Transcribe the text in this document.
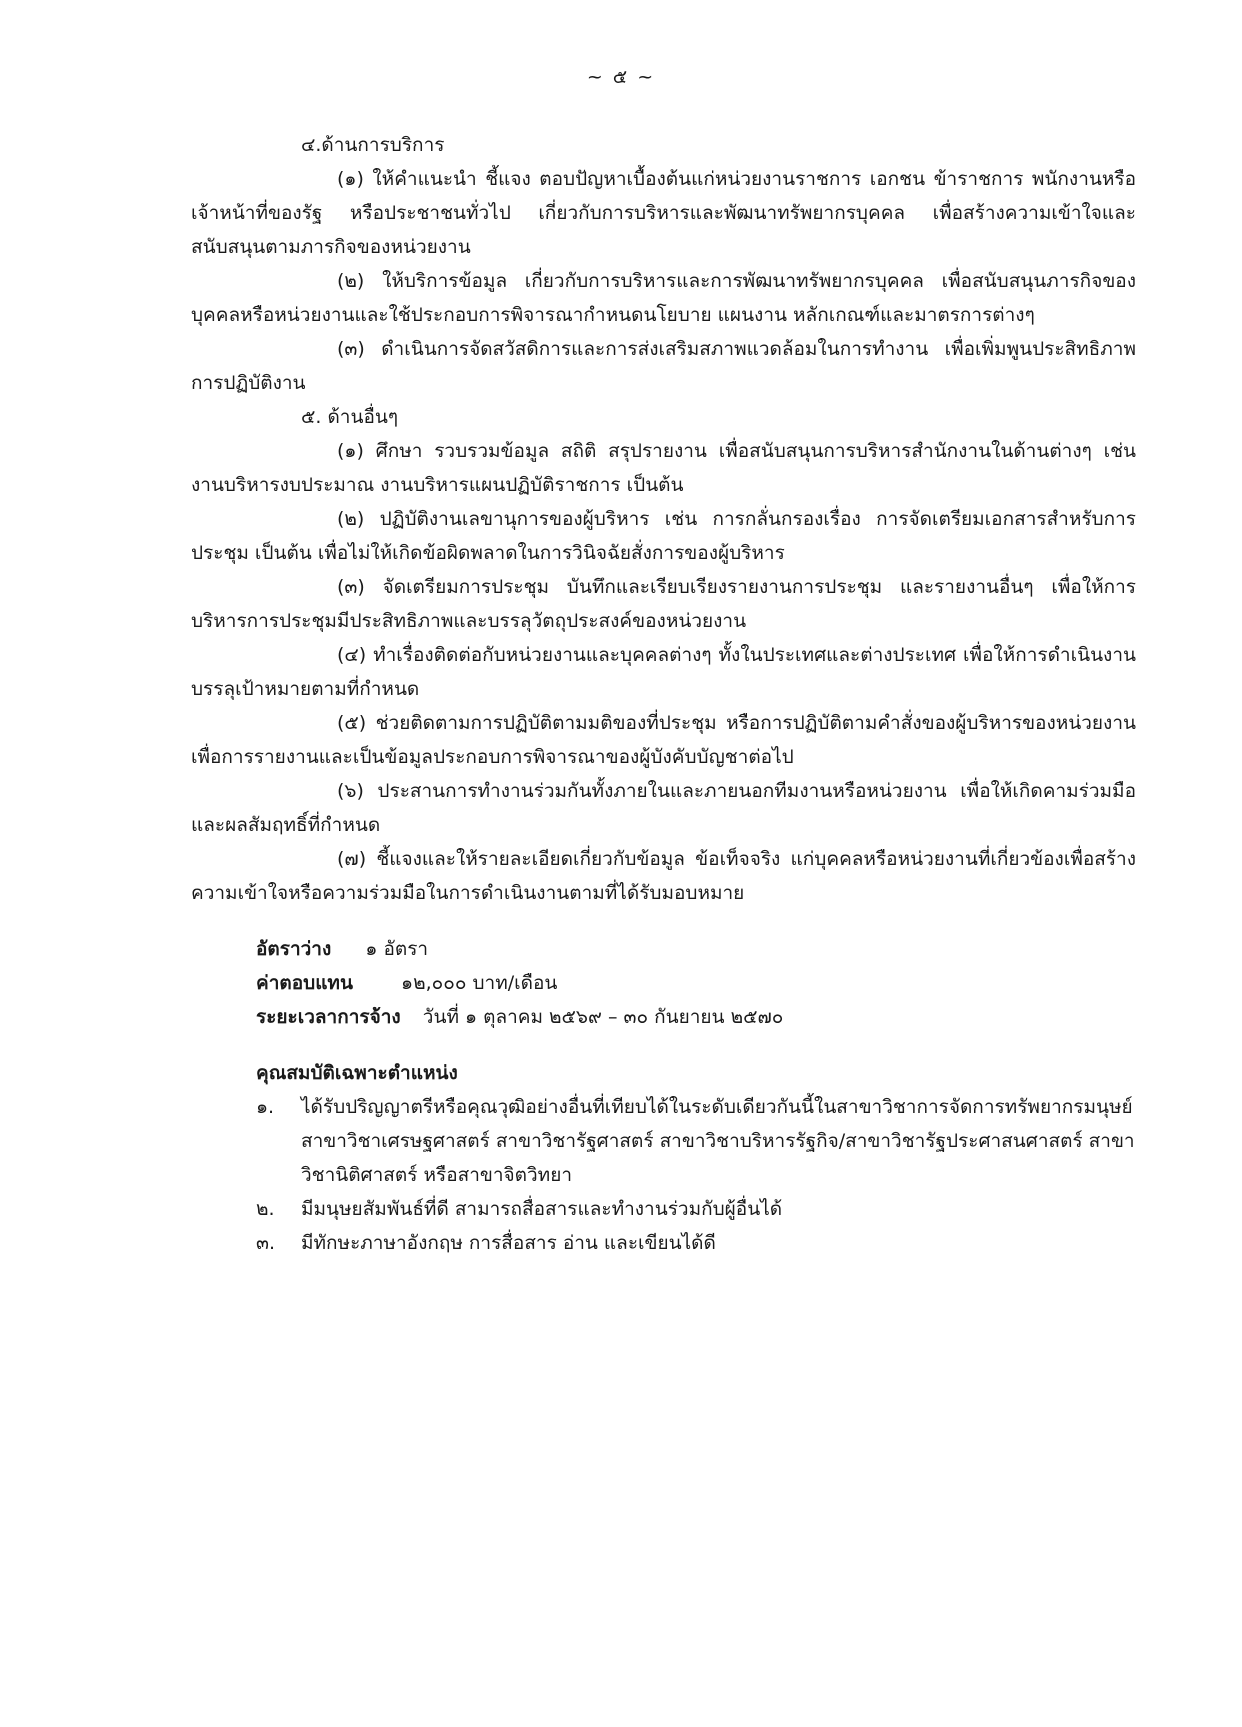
~ ๕ ~

๔.ด้านการบริการ

(๑) ให้คำแนะนำ ชี้แจง ตอบปัญหาเบื้องต้นแก่หน่วยงานราชการ เอกชน ข้าราชการ พนักงานหรือเจ้าหน้าที่ของรัฐ หรือประชาชนทั่วไป เกี่ยวกับการบริหารและพัฒนาทรัพยากรบุคคล เพื่อสร้างความเข้าใจและสนับสนุนตามภารกิจของหน่วยงาน

(๒) ให้บริการข้อมูล เกี่ยวกับการบริหารและการพัฒนาทรัพยากรบุคคล เพื่อสนับสนุนภารกิจของบุคคลหรือหน่วยงานและใช้ประกอบการพิจารณากำหนดนโยบาย แผนงาน หลักเกณฑ์และมาตรการต่างๆ

(๓) ดำเนินการจัดสวัสดิการและการส่งเสริมสภาพแวดล้อมในการทำงาน เพื่อเพิ่มพูนประสิทธิภาพการปฏิบัติงาน

๕. ด้านอื่นๆ

(๑) ศึกษา รวบรวมข้อมูล สถิติ สรุปรายงาน เพื่อสนับสนุนการบริหารสำนักงานในด้านต่างๆ เช่น งานบริหารงบประมาณ งานบริหารแผนปฏิบัติราชการ เป็นต้น

(๒) ปฏิบัติงานเลขานุการของผู้บริหาร เช่น การกลั่นกรองเรื่อง การจัดเตรียมเอกสารสำหรับการประชุม เป็นต้น เพื่อไม่ให้เกิดข้อผิดพลาดในการวินิจฉัยสั่งการของผู้บริหาร

(๓) จัดเตรียมการประชุม บันทึกและเรียบเรียงรายงานการประชุม และรายงานอื่นๆ เพื่อให้การบริหารการประชุมมีประสิทธิภาพและบรรลุวัตถุประสงค์ของหน่วยงาน

(๔) ทำเรื่องติดต่อกับหน่วยงานและบุคคลต่างๆ ทั้งในประเทศและต่างประเทศ เพื่อให้การดำเนินงานบรรลุเป้าหมายตามที่กำหนด

(๕) ช่วยติดตามการปฏิบัติตามมติของที่ประชุม หรือการปฏิบัติตามคำสั่งของผู้บริหารของหน่วยงาน เพื่อการรายงานและเป็นข้อมูลประกอบการพิจารณาของผู้บังคับบัญชาต่อไป

(๖) ประสานการทำงานร่วมกันทั้งภายในและภายนอกทีมงานหรือหน่วยงาน เพื่อให้เกิดคามร่วมมือและผลสัมฤทธิ์ที่กำหนด

(๗) ชี้แจงและให้รายละเอียดเกี่ยวกับข้อมูล ข้อเท็จจริง แก่บุคคลหรือหน่วยงานที่เกี่ยวข้องเพื่อสร้างความเข้าใจหรือความร่วมมือในการดำเนินงานตามที่ได้รับมอบหมาย

อัตราว่าง ๑ อัตรา
ค่าตอบแทน	๑๒,๐๐๐ บาท/เดือน
ระยะเวลาการจ้าง วันที่ ๑ ตุลาคม ๒๕๖๙ – ๓๐ กันยายน ๒๕๗๐
คุณสมบัติเฉพาะตำแหน่ง
๑.	ได้รับปริญญาตรีหรือคุณวุฒิอย่างอื่นที่เทียบได้ในระดับเดียวกันนี้ในสาขาวิชาการจัดการทรัพยากรมนุษย์ สาขาวิชาเศรษฐศาสตร์ สาขาวิชารัฐศาสตร์ สาขาวิชาบริหารรัฐกิจ/สาขาวิชารัฐประศาสนศาสตร์ สาขาวิชานิติศาสตร์ หรือสาขาจิตวิทยา
๒.	มีมนุษยสัมพันธ์ที่ดี สามารถสื่อสารและทำงานร่วมกับผู้อื่นได้
๓.	มีทักษะภาษาอังกฤษ การสื่อสาร อ่าน และเขียนได้ดี
